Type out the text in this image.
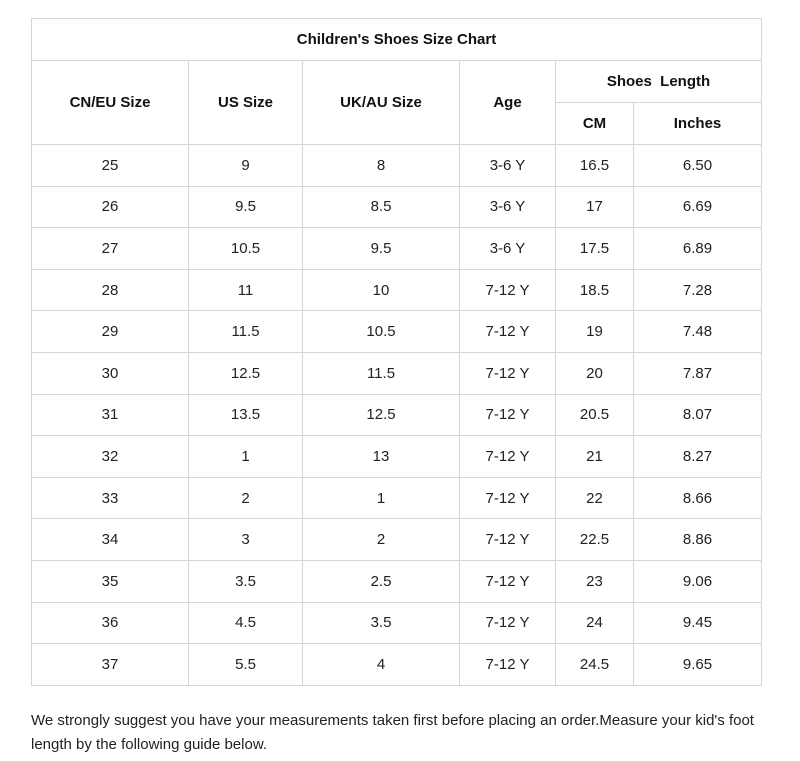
Children's Shoes Size Chart					
CN/EU Size	US Size	UK/AU Size	Age	Shoes  Length	
				CM	Inches
25	9	8	3-6 Y	16.5	6.50
26	9.5	8.5	3-6 Y	17	6.69
27	10.5	9.5	3-6 Y	17.5	6.89
28	11	10	7-12 Y	18.5	7.28
29	11.5	10.5	7-12 Y	19	7.48
30	12.5	11.5	7-12 Y	20	7.87
31	13.5	12.5	7-12 Y	20.5	8.07
32	1	13	7-12 Y	21	8.27
33	2	1	7-12 Y	22	8.66
34	3	2	7-12 Y	22.5	8.86
35	3.5	2.5	7-12 Y	23	9.06
36	4.5	3.5	7-12 Y	24	9.45
37	5.5	4	7-12 Y	24.5	9.65
We strongly suggest you have your measurements taken first before placing an order.Measure your kid's foot length by the following guide below.
